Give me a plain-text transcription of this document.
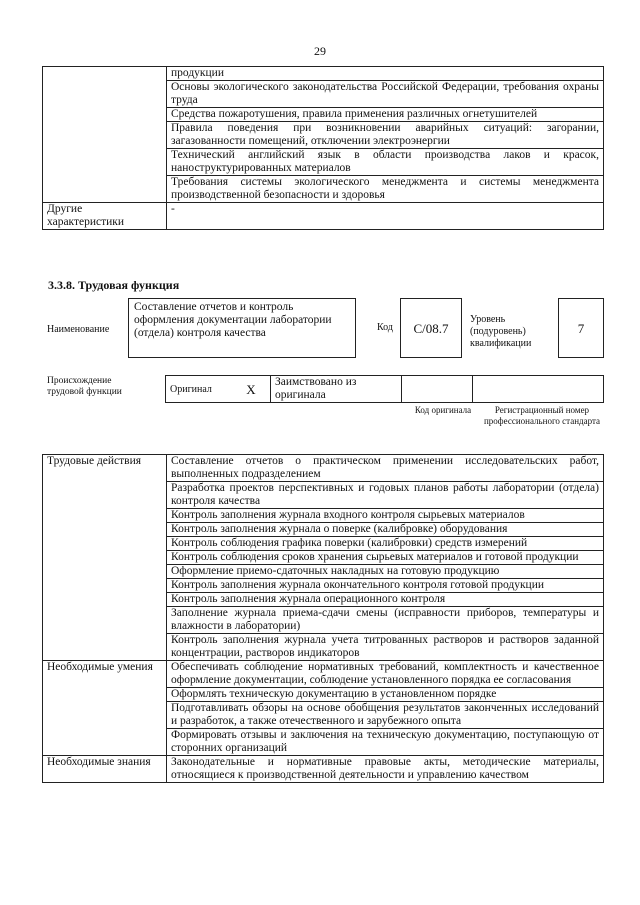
29
	продукции
	Основы экологического законодательства Российской Федерации, требования охраны труда
	Средства пожаротушения, правила применения различных огнетушителей
	Правила поведения при возникновении аварийных ситуаций: загорании, загазованности помещений, отключении электроэнергии
	Технический английский язык в области производства лаков и красок, наноструктурированных материалов
	Требования системы экологического менеджмента и системы менеджмента производственной безопасности и здоровья
Другие характеристики	-
3.3.8. Трудовая функция
Наименование
Составление отчетов и контроль оформления документации лаборатории (отдела) контроля качества	Код С/08.7
Уровень (подуровень) квалификации
7
Происхождение трудовой функции	Оригинал	X	Заимствовано из оригинала		
Код оригинала	Регистрационный номер профессионального стандарта
Трудовые действия	Составление отчетов о практическом применении исследовательских работ, выполненных подразделением
	Разработка проектов перспективных и годовых планов работы лаборатории (отдела) контроля качества
	Контроль заполнения журнала входного контроля сырьевых материалов
	Контроль заполнения журнала о поверке (калибровке) оборудования
	Контроль соблюдения графика поверки (калибровки) средств измерений
	Контроль соблюдения сроков хранения сырьевых материалов и готовой продукции
	Оформление приемо-сдаточных накладных на готовую продукцию
	Контроль заполнения журнала окончательного контроля готовой продукции
	Контроль заполнения журнала операционного контроля
	Заполнение журнала приема-сдачи смены (исправности приборов, температуры и влажности в лаборатории)
	Контроль заполнения журнала учета титрованных растворов и растворов заданной концентрации, растворов индикаторов
Необходимые умения	Обеспечивать соблюдение нормативных требований, комплектность и качественное оформление документации, соблюдение установленного порядка ее согласования
	Оформлять техническую документацию в установленном порядке
	Подготавливать обзоры на основе обобщения результатов законченных исследований и разработок, а также отечественного и зарубежного опыта
	Формировать отзывы и заключения на техническую документацию, поступающую от сторонних организаций
Необходимые знания	Законодательные и нормативные правовые акты, методические материалы, относящиеся к производственной деятельности и управлению качеством
